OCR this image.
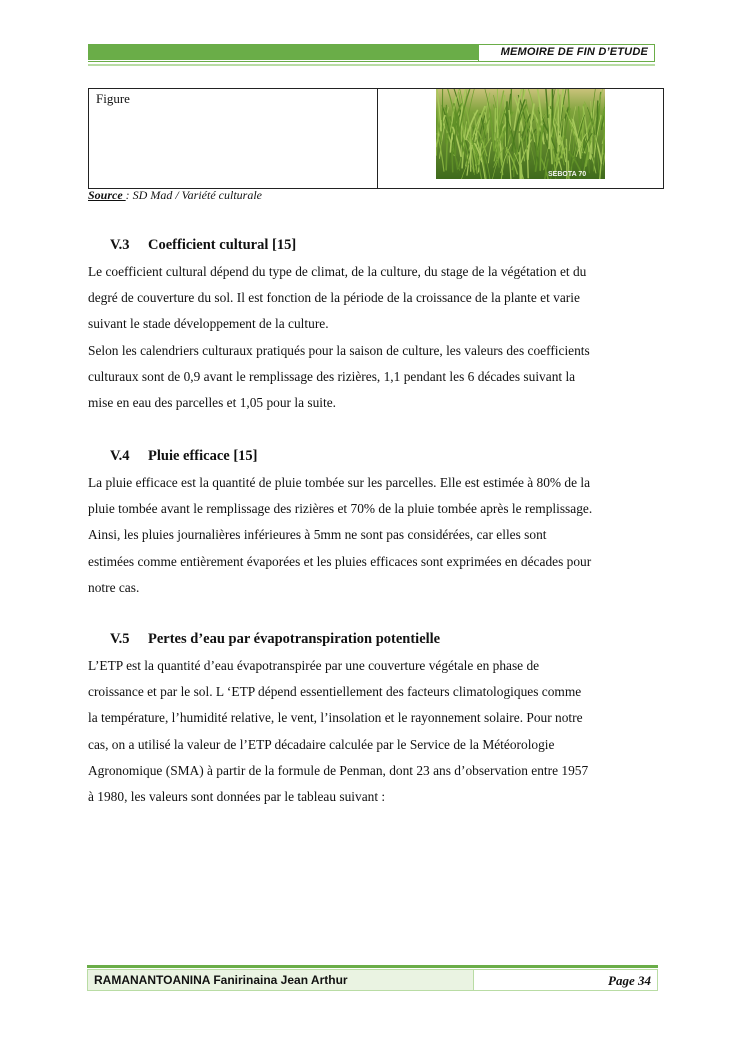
MEMOIRE DE FIN D’ETUDE
Figure
SEBOTA 70
Source : SD Mad / Variété culturale
V.3 Coefficient cultural [15]

Le coefficient cultural dépend du type de climat, de la culture, du stage de la végétation et du
degré de couverture du sol. Il est fonction de la période de la croissance de la plante et varie
suivant le stade développement de la culture.
Selon les calendriers culturaux pratiqués pour la saison de culture, les valeurs des coefficients
culturaux sont de 0,9 avant le remplissage des rizières, 1,1 pendant les 6 décades suivant la
mise en eau des parcelles et 1,05 pour la suite.

V.4 Pluie efficace [15]

La pluie efficace est la quantité de pluie tombée sur les parcelles. Elle est estimée à 80% de la
pluie tombée avant le remplissage des rizières et 70% de la pluie tombée après le remplissage.
Ainsi, les pluies journalières inférieures à 5mm ne sont pas considérées, car elles sont
estimées comme entièrement évaporées et les pluies efficaces sont exprimées en décades pour
notre cas.

V.5 Pertes d’eau par évapotranspiration potentielle

L’ETP est la quantité d’eau évapotranspirée par une couverture végétale en phase de
croissance et par le sol. L ‘ETP dépend essentiellement des facteurs climatologiques comme
la température, l’humidité relative, le vent, l’insolation et le rayonnement solaire. Pour notre
cas, on a utilisé la valeur de l’ETP décadaire calculée par le Service de la Météorologie
Agronomique (SMA) à partir de la formule de Penman, dont 23 ans d’observation entre 1957
à 1980, les valeurs sont données par le tableau suivant :

RAMANANTOANINA Fanirinaina Jean Arthur	Page 34
